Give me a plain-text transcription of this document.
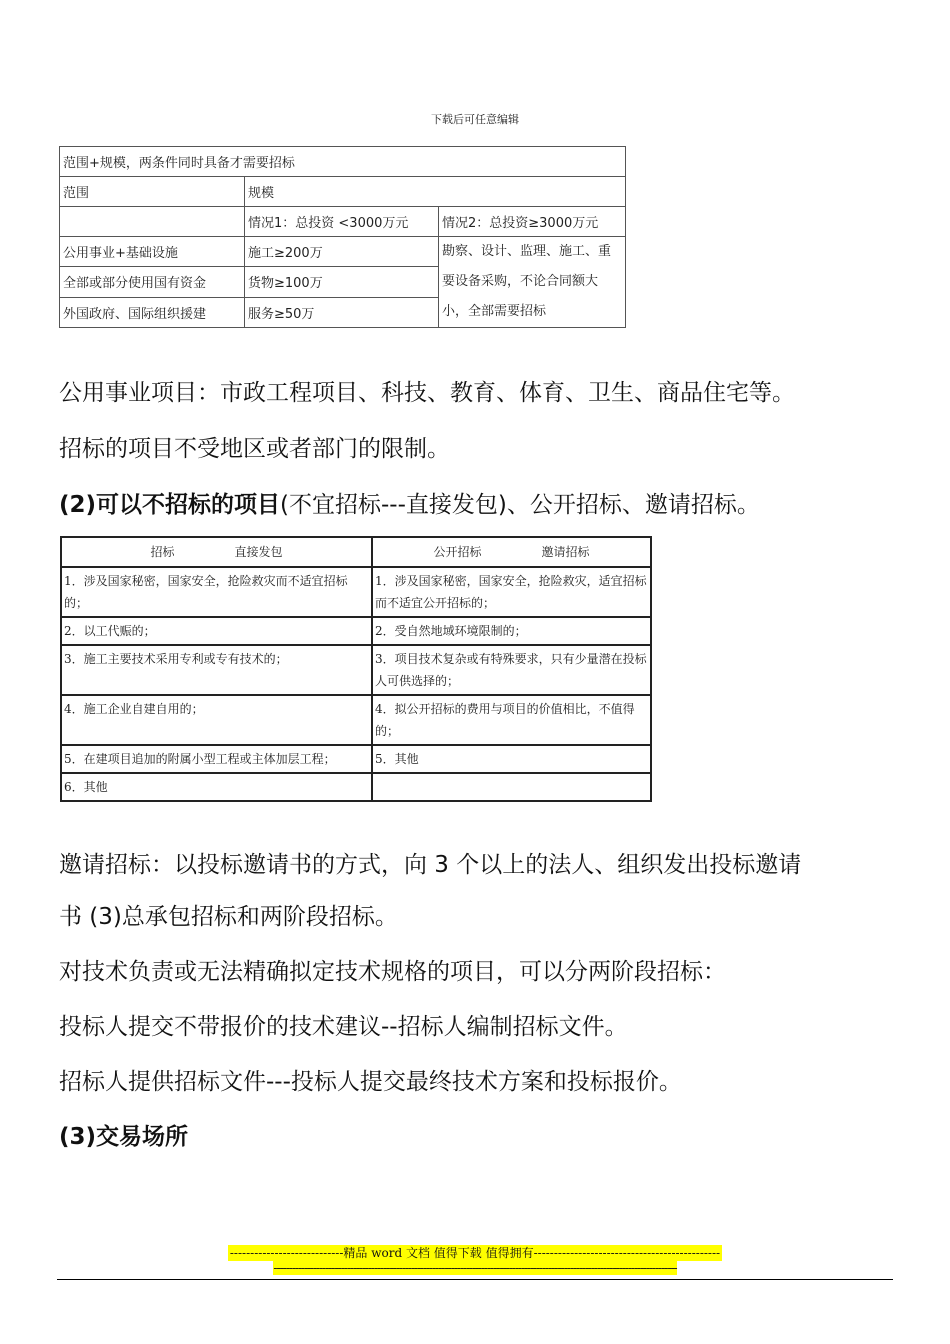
下载后可任意编辑
范围+规模，两条件同时具备才需要招标		
范围	规模	
	情况1：总投资 <3000万元	情况2：总投资≥3000万元
公用事业+基础设施	施工≥200万	勘察、设计、监理、施工、重要设备采购，不论合同额大小，全部需要招标
全部或部分使用国有资金	货物≥100万	
外国政府、国际组织援建	服务≥50万	
公用事业项目：市政工程项目、科技、教育、体育、卫生、商品住宅等。
招标的项目不受地区或者部门的限制。
(2)可以不招标的项目(不宜招标---直接发包)、公开招标、邀请招标。
招标 直接发包	公开招标 邀请招标
1．涉及国家秘密，国家安全，抢险救灾而不适宜招标的；	1．涉及国家秘密，国家安全，抢险救灾，适宜招标而不适宜公开招标的；
2．以工代赈的；	2．受自然地域环境限制的；
3．施工主要技术采用专利或专有技术的；	3．项目技术复杂或有特殊要求，只有少量潜在投标人可供选择的；
4．施工企业自建自用的；	4．拟公开招标的费用与项目的价值相比，不值得的；
5．在建项目追加的附属小型工程或主体加层工程；	5．其他
6．其他	
邀请招标：以投标邀请书的方式，向 3 个以上的法人、组织发出投标邀请
书 (3)总承包招标和两阶段招标。
对技术负责或无法精确拟定技术规格的项目，可以分两阶段招标：
投标人提交不带报价的技术建议--招标人编制招标文件。
招标人提供招标文件---投标人提交最终技术方案和投标报价。
(3)交易场所
----------------------------精品 word 文档 值得下载 值得拥有----------------------------------------------
------------------------------------------------------------------------------------------------------------------------------------
